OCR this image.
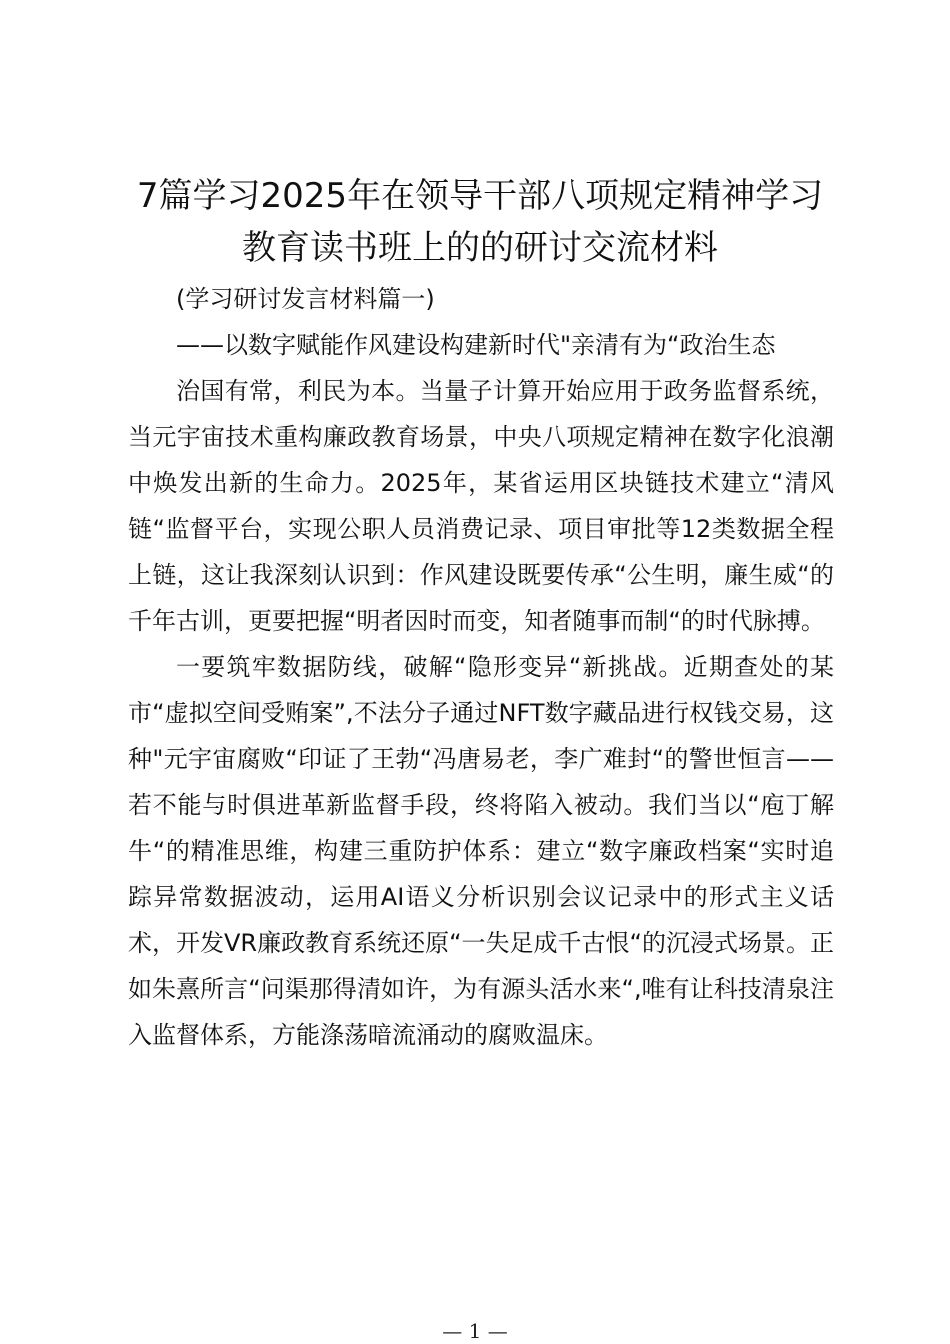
7篇学习2025年在领导干部八项规定精神学习教育读书班上的的研讨交流材料

(学习研讨发言材料篇一)

——以数字赋能作风建设构建新时代"亲清有为“政治生态

治国有常，利民为本。当量子计算开始应用于政务监督系统，当元宇宙技术重构廉政教育场景，中央八项规定精神在数字化浪潮中焕发出新的生命力。2025年，某省运用区块链技术建立“清风链“监督平台，实现公职人员消费记录、项目审批等12类数据全程上链，这让我深刻认识到：作风建设既要传承“公生明，廉生威“的千年古训，更要把握“明者因时而变，知者随事而制“的时代脉搏。

一要筑牢数据防线，破解“隐形变异“新挑战。近期查处的某市“虚拟空间受贿案”,不法分子通过NFT数字藏品进行权钱交易，这种"元宇宙腐败“印证了王勃“冯唐易老，李广难封“的警世恒言——若不能与时俱进革新监督手段，终将陷入被动。我们当以“庖丁解牛“的精准思维，构建三重防护体系：建立“数字廉政档案“实时追踪异常数据波动，运用AI语义分析识别会议记录中的形式主义话术，开发VR廉政教育系统还原“一失足成千古恨“的沉浸式场景。正如朱熹所言“问渠那得清如许，为有源头活水来“,唯有让科技清泉注入监督体系，方能涤荡暗流涌动的腐败温床。

— 1 —
